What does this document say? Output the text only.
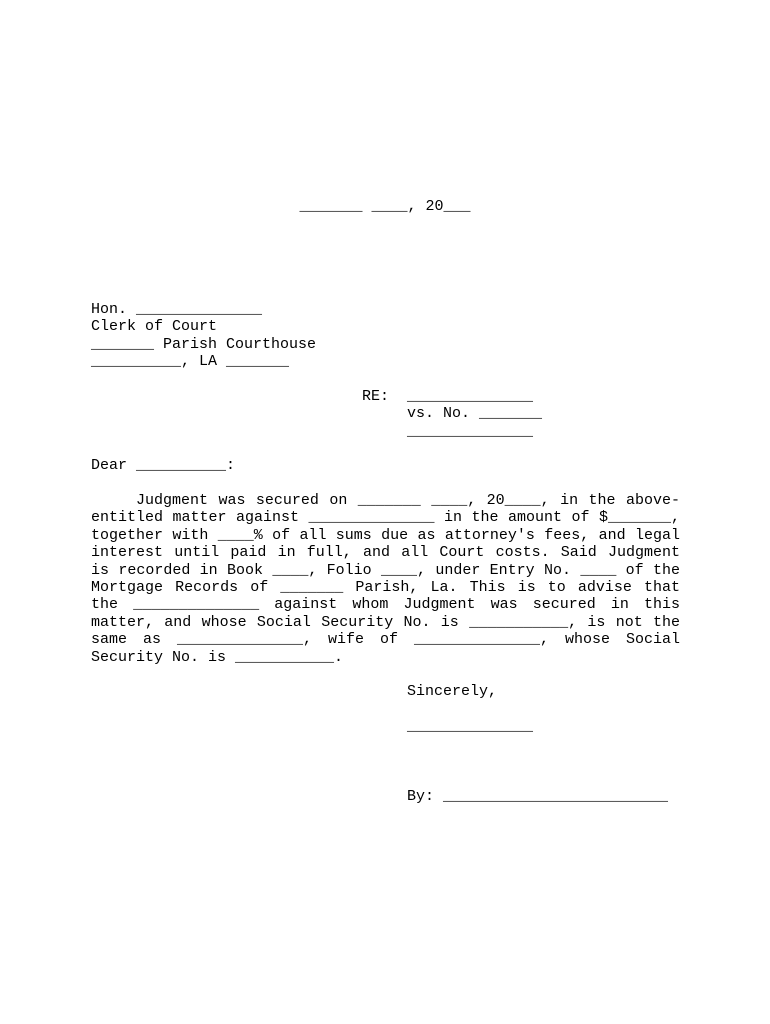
_______ ____, 20___
Hon. ______________
Clerk of Court
_______ Parish Courthouse
__________, LA _______
RE: ______________
vs. No. _______
______________
Dear __________:
Judgment was secured on _______ ____, 20____, in the above-entitled matter against ______________ in the amount of $_______, together with ____% of all sums due as attorney's fees, and legal interest until paid in full, and all Court costs. Said Judgment is recorded in Book ____, Folio ____, under Entry No. ____ of the Mortgage Records of _______ Parish, La. This is to advise that the ______________ against whom Judgment was secured in this matter, and whose Social Security No. is ___________, is not the same as ______________, wife of ______________, whose Social Security No. is ___________.
Sincerely,
______________
By: _________________________
